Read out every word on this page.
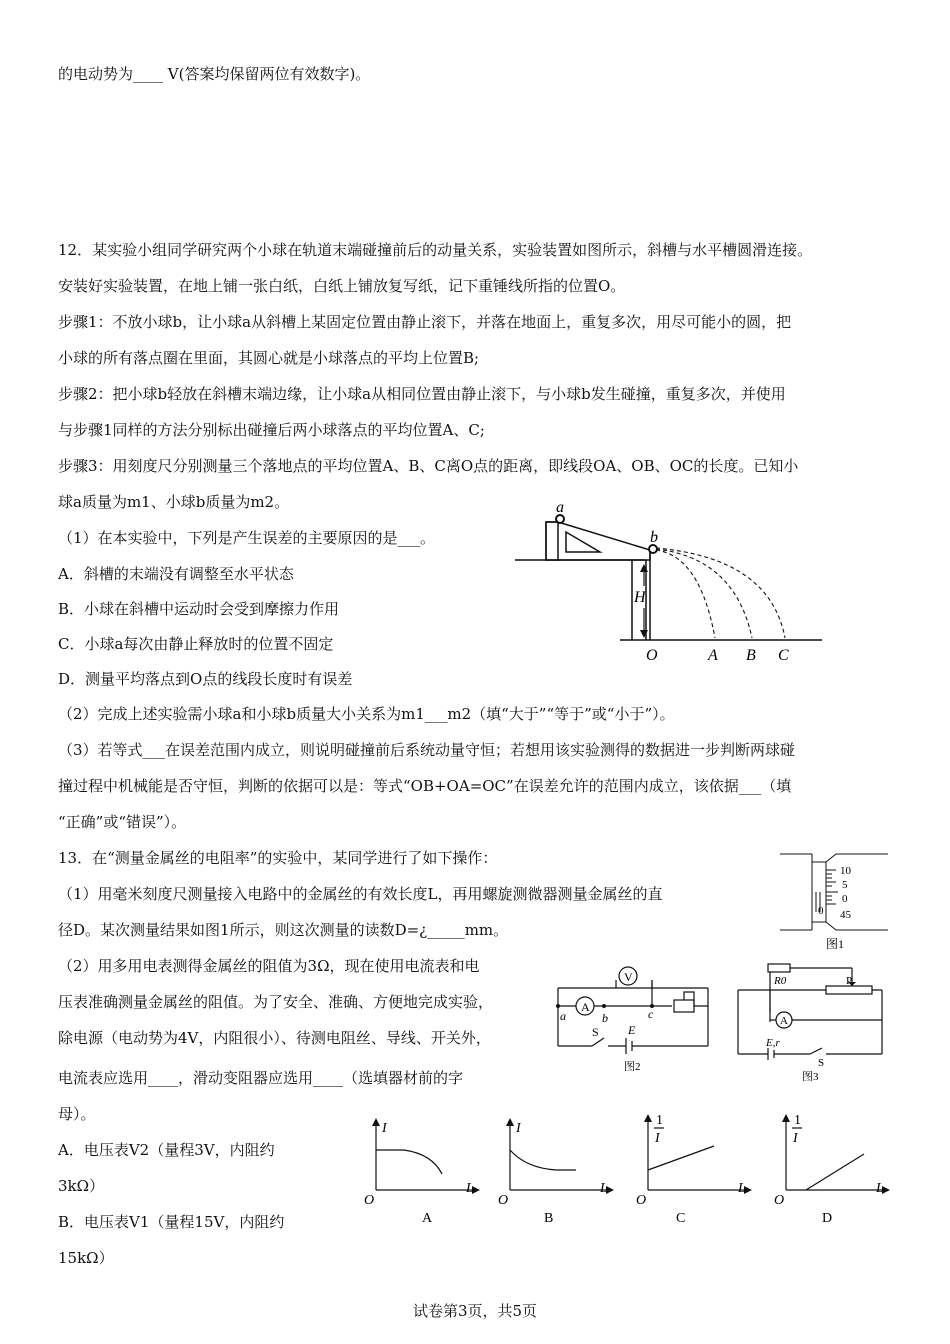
的电动势为____ V(答案均保留两位有效数字)。
12．某实验小组同学研究两个小球在轨道末端碰撞前后的动量关系，实验装置如图所示，斜槽与水平槽圆滑连接。
安装好实验装置，在地上铺一张白纸，白纸上铺放复写纸，记下重锤线所指的位置O。
步骤1：不放小球b，让小球a从斜槽上某固定位置由静止滚下，并落在地面上，重复多次，用尽可能小的圆，把
小球的所有落点圈在里面，其圆心就是小球落点的平均上位置B;
步骤2：把小球b轻放在斜槽末端边缘，让小球a从相同位置由静止滚下，与小球b发生碰撞，重复多次，并使用
与步骤1同样的方法分别标出碰撞后两小球落点的平均位置A、C;
步骤3：用刻度尺分别测量三个落地点的平均位置A、B、C离O点的距离，即线段OA、OB、OC的长度。已知小
球a质量为m1、小球b质量为m2。
（1）在本实验中，下列是产生误差的主要原因的是___。
A．斜槽的末端没有调整至水平状态
B．小球在斜槽中运动时会受到摩擦力作用
C．小球a每次由静止释放时的位置不固定
D．测量平均落点到O点的线段长度时有误差
（2）完成上述实验需小球a和小球b质量大小关系为m1___m2（填“大于”“等于”或“小于”）。
（3）若等式___在误差范围内成立，则说明碰撞前后系统动量守恒；若想用该实验测得的数据进一步判断两球碰
撞过程中机械能是否守恒，判断的依据可以是：等式“OB+OA=OC”在误差允许的范围内成立，该依据___（填
“正确”或“错误”）。
a
b
H
O	A B C
13．在“测量金属丝的电阻率”的实验中，某同学进行了如下操作：
（1）用毫米刻度尺测量接入电路中的金属丝的有效长度L，再用螺旋测微器测量金属丝的直
径D。某次测量结果如图1所示，则这次测量的读数D=¿_____mm。
（2）用多用电表测得金属丝的阻值为3Ω，现在使用电流表和电
压表准确测量金属丝的阻值。为了安全、准确、方便地完成实验，
除电源（电动势为4V，内阻很小）、待测电阻丝、导线、开关外，
电流表应选用____，滑动变阻器应选用____（选填器材前的字
母）。
A．电压表V2（量程3V，内阻约
3kΩ）
B．电压表V1（量程15V，内阻约
15kΩ）
10
5
0
45
0
图1
V
A
a	b	c
S E
图2
R0	P
A
E,r
S
图3
I
L
O
A
I
L
O
B
1
I
L
O
C
1
I
L
O
D
试卷第3页，共5页
